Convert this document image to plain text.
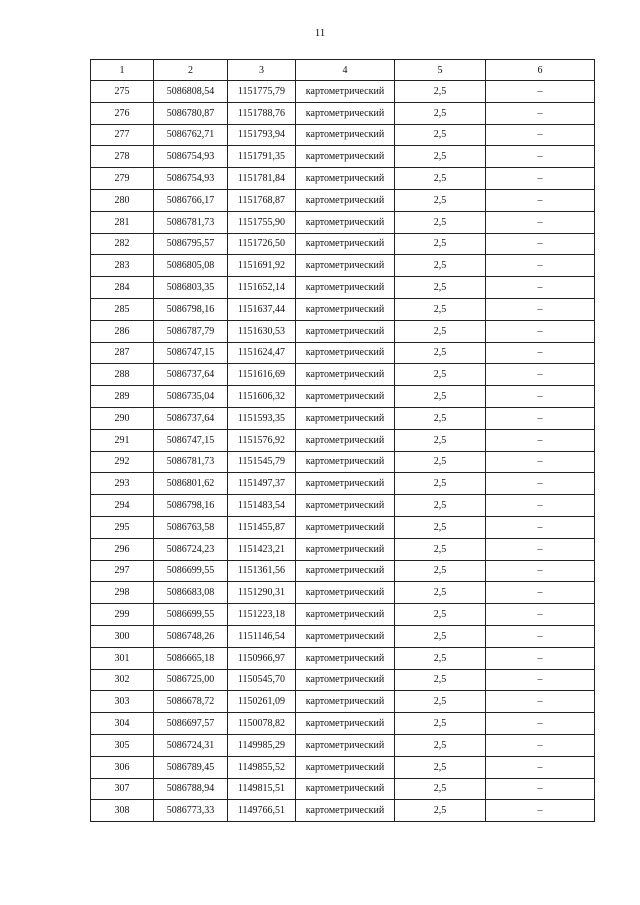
11
1	2	3	4	5	6
275	5086808,54	1151775,79	картометрический	2,5	–
276	5086780,87	1151788,76	картометрический	2,5	–
277	5086762,71	1151793,94	картометрический	2,5	–
278	5086754,93	1151791,35	картометрический	2,5	–
279	5086754,93	1151781,84	картометрический	2,5	–
280	5086766,17	1151768,87	картометрический	2,5	–
281	5086781,73	1151755,90	картометрический	2,5	–
282	5086795,57	1151726,50	картометрический	2,5	–
283	5086805,08	1151691,92	картометрический	2,5	–
284	5086803,35	1151652,14	картометрический	2,5	–
285	5086798,16	1151637,44	картометрический	2,5	–
286	5086787,79	1151630,53	картометрический	2,5	–
287	5086747,15	1151624,47	картометрический	2,5	–
288	5086737,64	1151616,69	картометрический	2,5	–
289	5086735,04	1151606,32	картометрический	2,5	–
290	5086737,64	1151593,35	картометрический	2,5	–
291	5086747,15	1151576,92	картометрический	2,5	–
292	5086781,73	1151545,79	картометрический	2,5	–
293	5086801,62	1151497,37	картометрический	2,5	–
294	5086798,16	1151483,54	картометрический	2,5	–
295	5086763,58	1151455,87	картометрический	2,5	–
296	5086724,23	1151423,21	картометрический	2,5	–
297	5086699,55	1151361,56	картометрический	2,5	–
298	5086683,08	1151290,31	картометрический	2,5	–
299	5086699,55	1151223,18	картометрический	2,5	–
300	5086748,26	1151146,54	картометрический	2,5	–
301	5086665,18	1150966,97	картометрический	2,5	–
302	5086725,00	1150545,70	картометрический	2,5	–
303	5086678,72	1150261,09	картометрический	2,5	–
304	5086697,57	1150078,82	картометрический	2,5	–
305	5086724,31	1149985,29	картометрический	2,5	–
306	5086789,45	1149855,52	картометрический	2,5	–
307	5086788,94	1149815,51	картометрический	2,5	–
308	5086773,33	1149766,51	картометрический	2,5	–
